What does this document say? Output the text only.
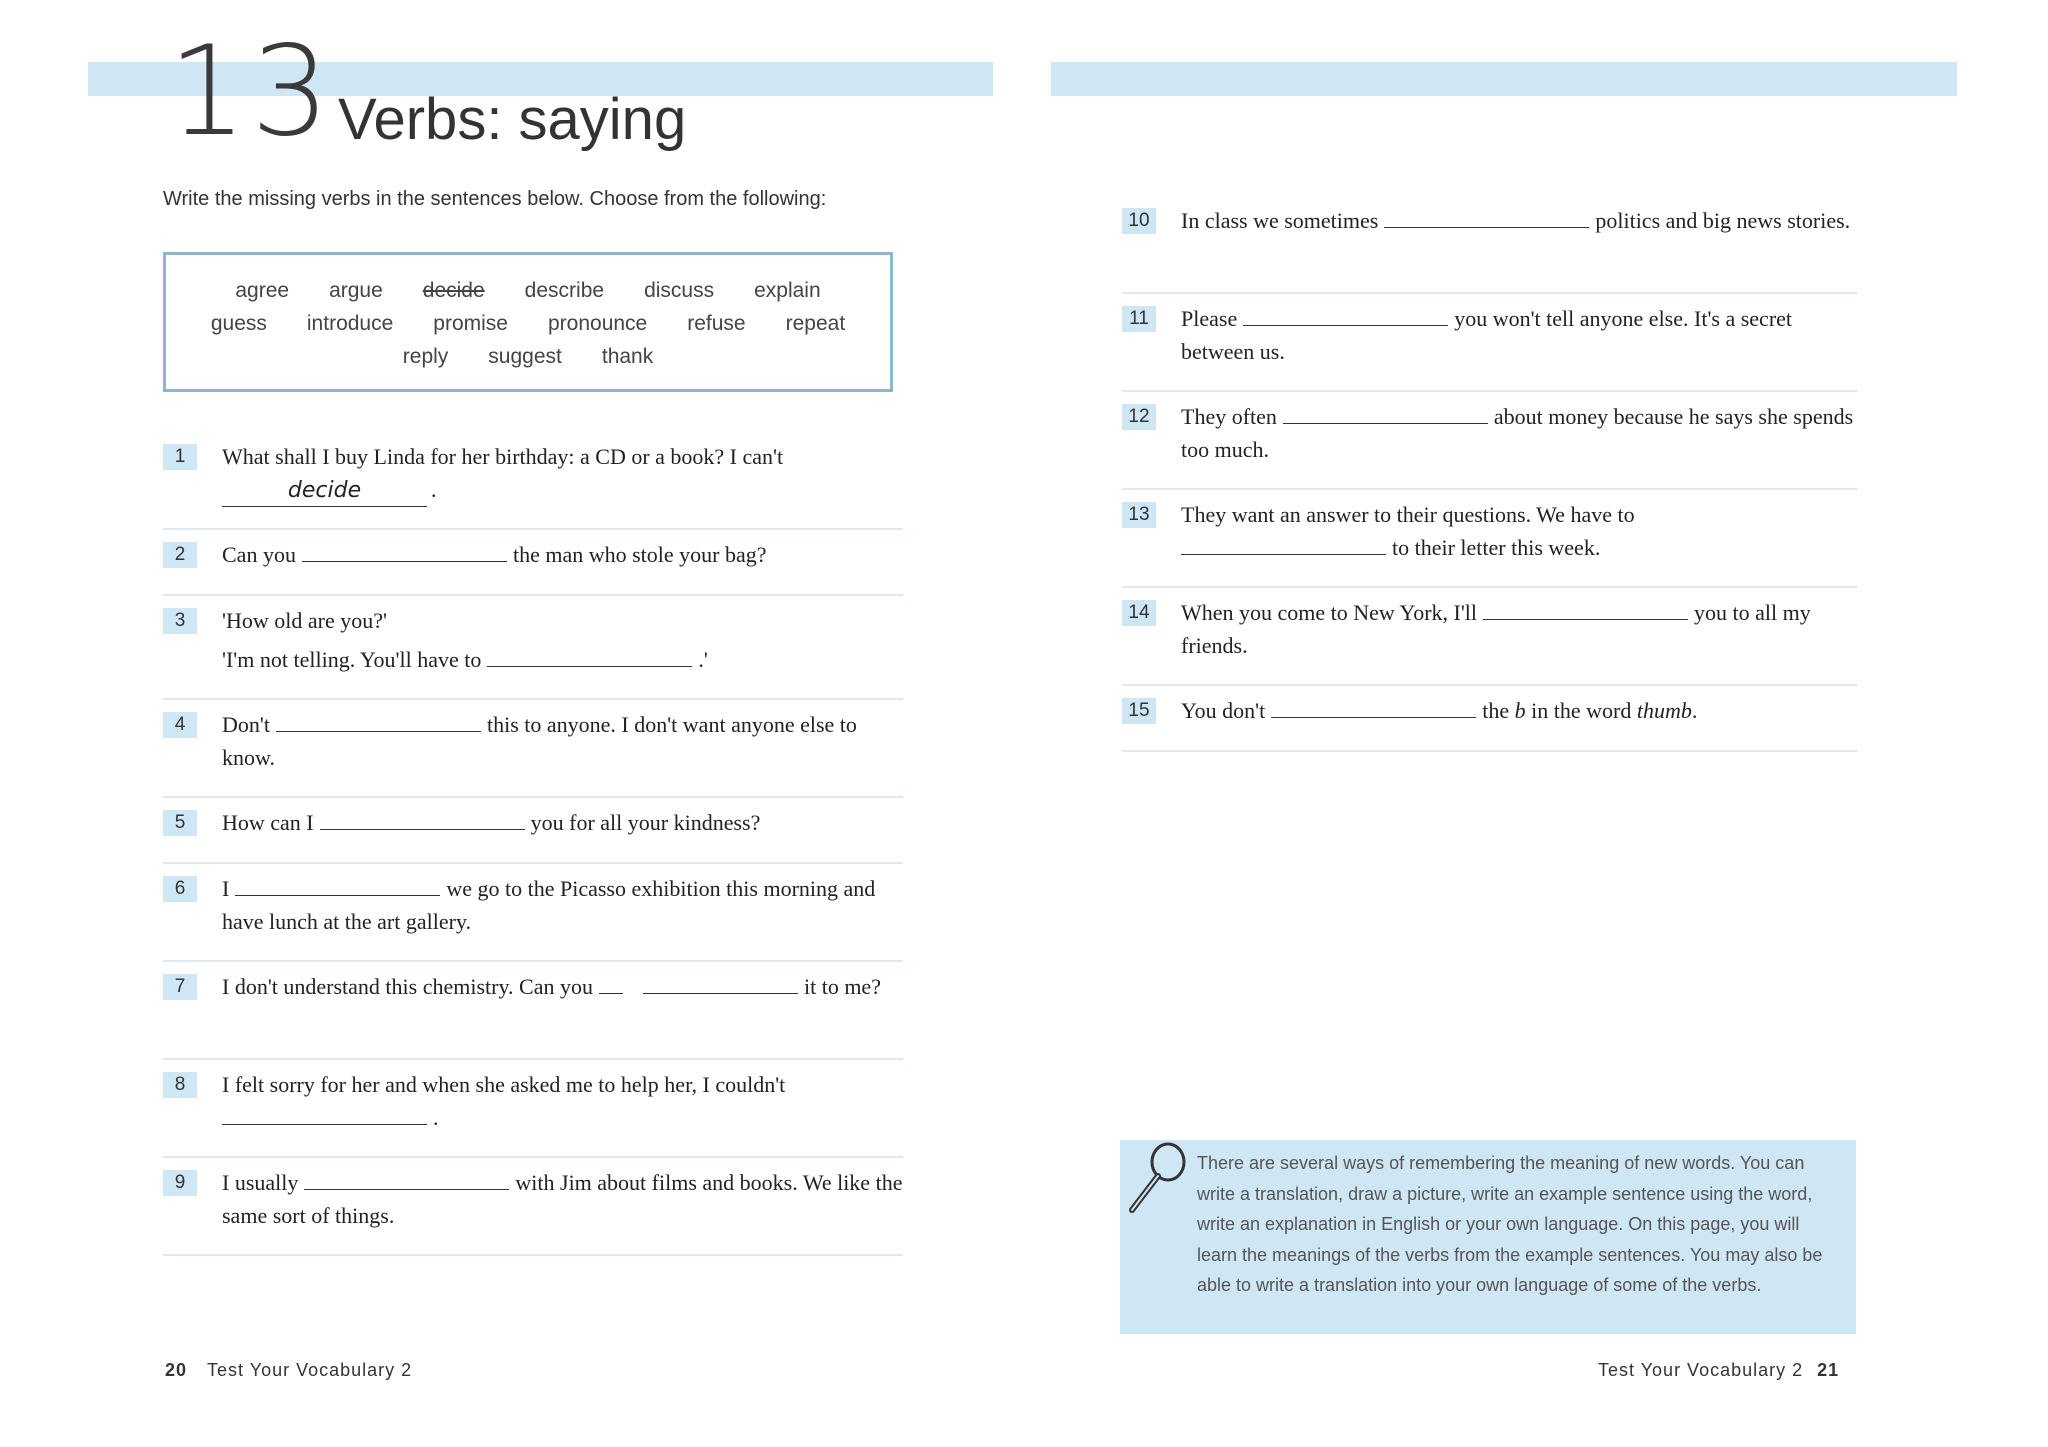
13 Verbs: saying
Write the missing verbs in the sentences below. Choose from the following:
agree argue decide describe discuss explain
guess introduce promise pronounce refuse repeat
reply suggest thank
1	What shall I buy Linda for her birthday: a CD or a book? I can't
decide	.
2	Can you	the man who stole your bag?
3	'How old are you?'
'I'm not telling. You'll have to	.'
4	Don't	this to anyone. I don't want anyone else to know.
5	How can I	you for all your kindness?
6	I	we go to the Picasso exhibition this morning and have lunch at the art gallery.
7	I don't understand this chemistry. Can you	it to me?
8	I felt sorry for her and when she asked me to help her, I couldn't
.
9	I usually	with Jim about films and books. We like the same sort of things.
10 In class we sometimes	politics and big news stories.
11	Please	you won't tell anyone else. It's a secret between us.
12 They often	about money because he says she spends too much.
13 They want an answer to their questions. We have to
to their letter this week.
14 When you come to New York, I'll	you to all my friends.
15 You don't	the b in the word thumb.
There are several ways of remembering the meaning of new words. You can write a translation, draw a picture, write an example sentence using the word, write an explanation in English or your own language. On this page, you will learn the meanings of the verbs from the example sentences. You may also be able to write a translation into your own language of some of the verbs.
20 Test Your Vocabulary 2	Test Your Vocabulary 2 21
